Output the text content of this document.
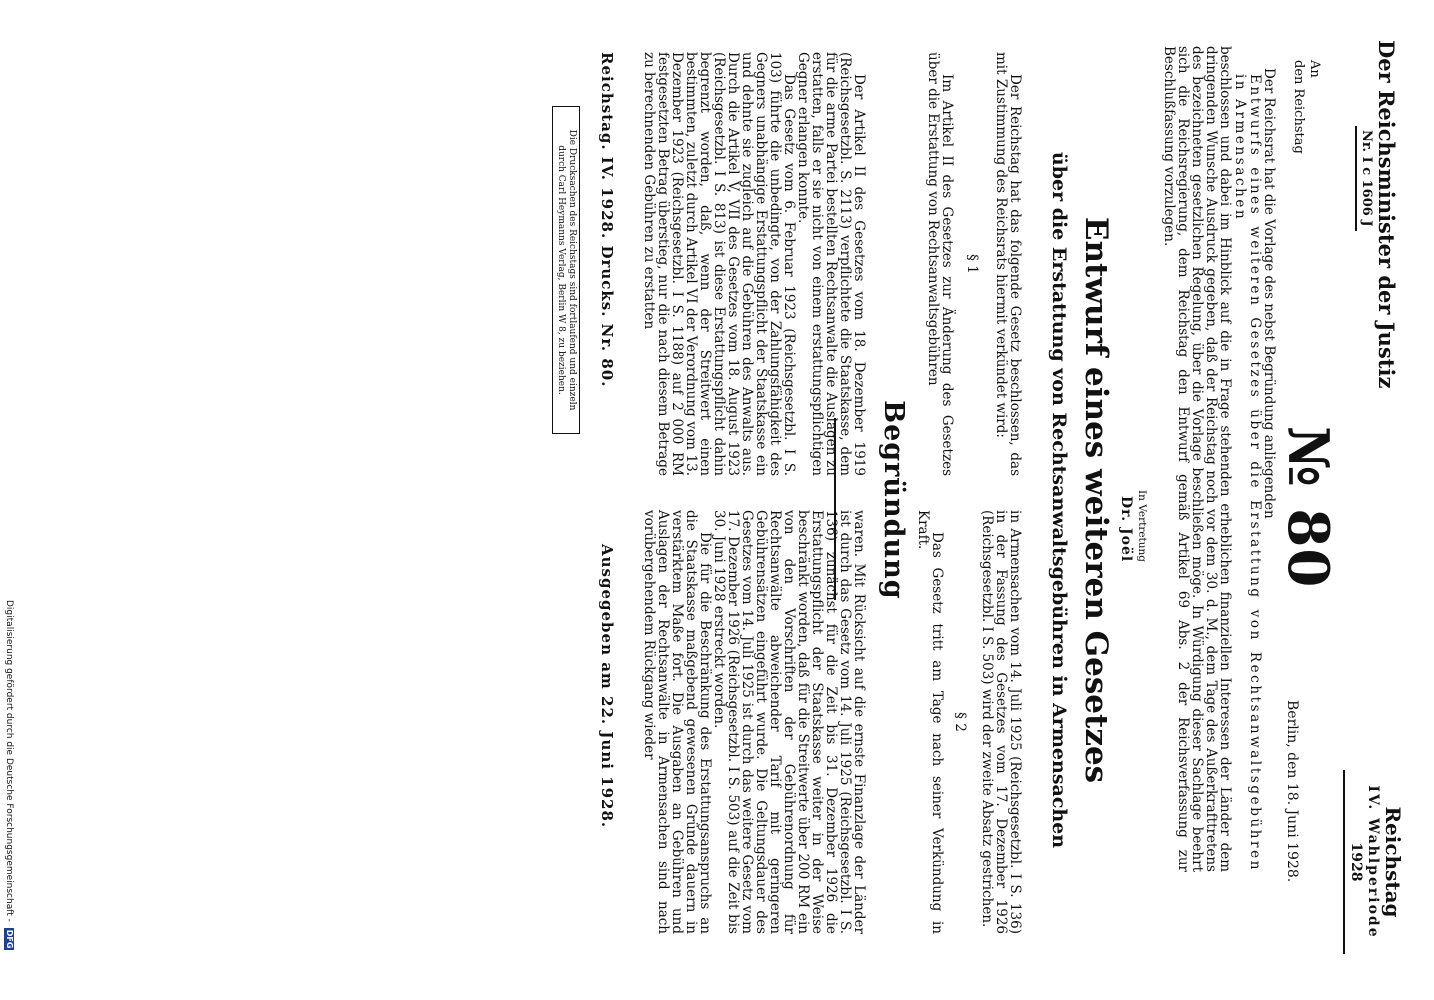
Der Reichsminister der Justiz
Nr. I c 1606 J
№ 80
Reichstag
IV. Wahlperiode
1928
An
den Reichstag
Berlin, den 18. Juni 1928.

Der Reichsrat hat die Vorlage des nebst Begründung anliegenden

Entwurfs eines weiteren Gesetzes über die Erstattung von Rechtsanwaltsgebühren in Armensachen

beschlossen und dabei im Hinblick auf die in Frage stehenden erheblichen finanziellen Interessen der Länder dem dringenden Wunsche Ausdruck gegeben, daß der Reichstag noch vor dem 30. d. M., dem Tage des Außerkrafttretens des bezeichneten gesetzlichen Regelung, über die Vorlage beschließen möge. In Würdigung dieser Sachlage beehrt sich die Reichsregierung, dem Reichstag den Entwurf gemäß Artikel 69 Abs. 2 der Reichsverfassung zur Beschlußfassung vorzulegen.

In Vertretung
Dr. Joël
Entwurf eines weiteren Gesetzes
über die Erstattung von Rechtsanwaltsgebühren in Armensachen

Der Reichstag hat das folgende Gesetz beschlossen, das mit Zustimmung des Reichsrats hiermit verkündet wird:

§ 1

Im Artikel II des Gesetzes zur Änderung des Gesetzes über die Erstattung von Rechtsanwaltsgebühren

in Armensachen vom 14. Juli 1925 (Reichsgesetzbl. I S. 136) in der Fassung des Gesetzes vom 17. Dezember 1926 (Reichsgesetzbl. I S. 503) wird der zweite Absatz gestrichen.

§ 2

Das Gesetz tritt am Tage nach seiner Verkündung in Kraft.

Begründung

Der Artikel II des Gesetzes vom 18. Dezember 1919 (Reichsgesetzbl. S. 2113) verpflichtete die Staatskasse, dem für die arme Partei bestellten Rechtsanwalte die Auslagen zu erstatten, falls er sie nicht von einem erstattungspflichtigen Gegner erlangen konnte.

Das Gesetz vom 6. Februar 1923 (Reichsgesetzbl. I S. 103) führte die unbedingte, von der Zahlungsfähigkeit des Gegners unabhängige Erstattungspflicht der Staatskasse ein und dehnte sie zugleich auf die Gebühren des Anwalts aus. Durch die Artikel V, VII des Gesetzes vom 18. August 1923 (Reichsgesetzbl. I S. 813) ist diese Erstattungspflicht dahin begrenzt worden, daß, wenn der Streitwert einen bestimmten, zuletzt durch Artikel VI der Verordnung vom 13. Dezember 1923 (Reichsgesetzbl. I S. 1188) auf 2 000 RM festgesetzten Betrag überstieg, nur die nach diesem Betrage zu berechnenden Gebühren zu erstatten

waren. Mit Rücksicht auf die ernste Finanzlage der Länder ist durch das Gesetz vom 14. Juli 1925 (Reichsgesetzbl. I S. 136) zunächst für die Zeit bis 31. Dezember 1926 die Erstattungspflicht der Staatskasse weiter in der Weise beschränkt worden, daß für die Streitwerte über 200 RM ein von den Vorschriften der Gebührenordnung für Rechtsanwälte abweichender Tarif mit geringeren Gebührensätzen eingeführt wurde. Die Geltungsdauer des Gesetzes vom 14. Juli 1925 ist durch das weitere Gesetz vom 17. Dezember 1926 (Reichsgesetzbl. I S. 503) auf die Zeit bis 30. Juni 1928 erstreckt worden.

Die für die Beschränkung des Erstattungsanspruchs an die Staatskasse maßgebend gewesenen Gründe dauern in verstärktem Maße fort. Die Ausgaben an Gebühren und Auslagen der Rechtsanwälte in Armensachen sind nach vorübergehendem Rückgang wieder

Reichstag. IV. 1928. Drucks. Nr. 80.
Ausgegeben am 22. Juni 1928.
Die Drucksachen des Reichstags sind fortlaufend und einzeln
durch Carl Heymanns Verlag, Berlin W 8, zu beziehen.
Digitalisierung gefördert durch die Deutsche Forschungsgemeinschaft - DFG
